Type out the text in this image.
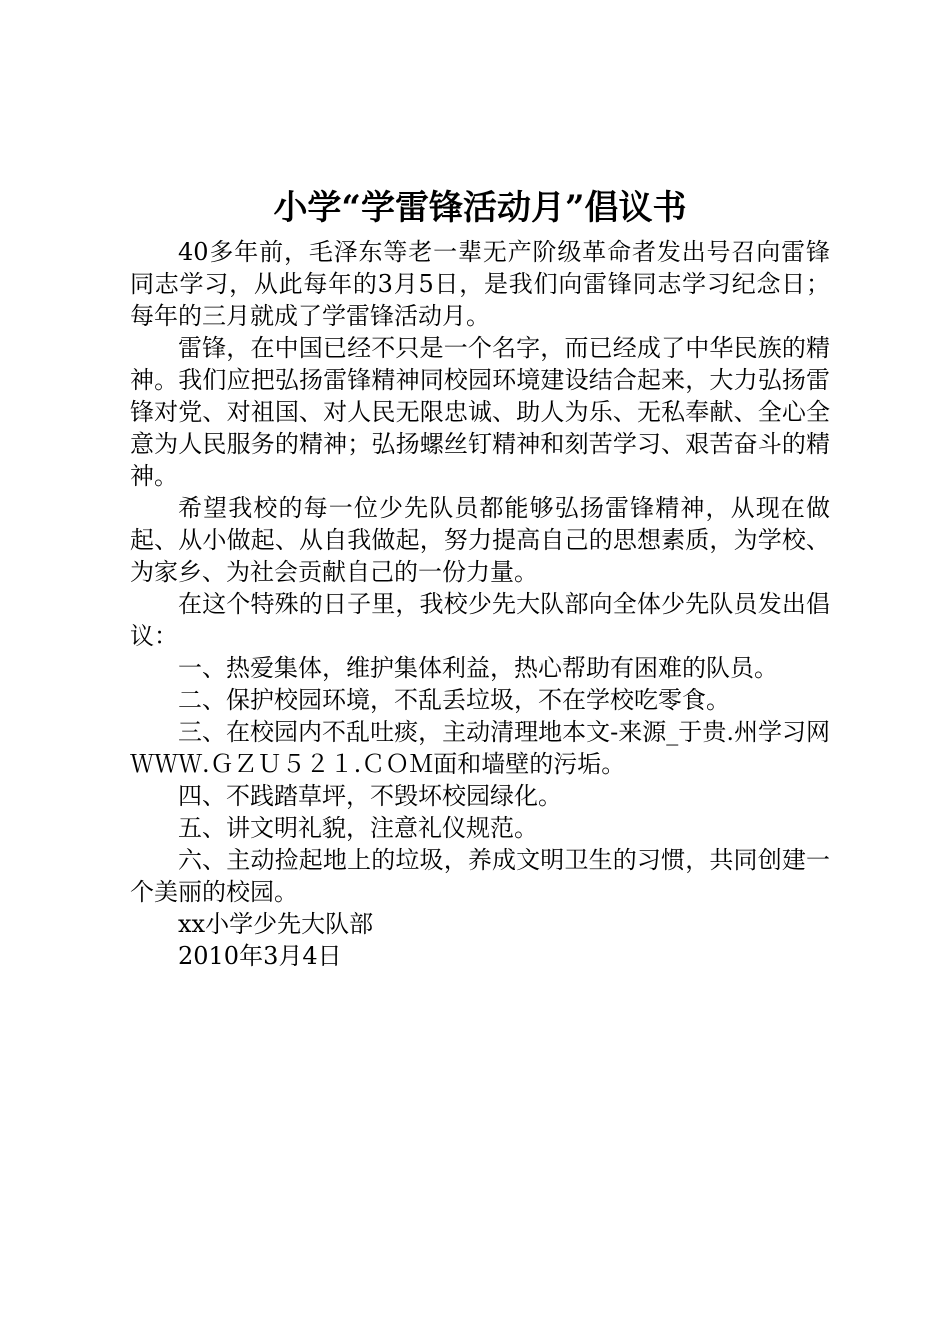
小学“学雷锋活动月”倡议书

40多年前，毛泽东等老一辈无产阶级革命者发出号召向雷锋同志学习，从此每年的3月5日，是我们向雷锋同志学习纪念日；每年的三月就成了学雷锋活动月。

雷锋，在中国已经不只是一个名字，而已经成了中华民族的精神。我们应把弘扬雷锋精神同校园环境建设结合起来，大力弘扬雷锋对党、对祖国、对人民无限忠诚、助人为乐、无私奉献、全心全意为人民服务的精神；弘扬螺丝钉精神和刻苦学习、艰苦奋斗的精神。

希望我校的每一位少先队员都能够弘扬雷锋精神，从现在做起、从小做起、从自我做起，努力提高自己的思想素质，为学校、为家乡、为社会贡献自己的一份力量。

在这个特殊的日子里，我校少先大队部向全体少先队员发出倡议：

一、热爱集体，维护集体利益，热心帮助有困难的队员。

二、保护校园环境，不乱丢垃圾，不在学校吃零食。

三、在校园内不乱吐痰，主动清理地本文-来源_于贵.州学习网ＷＷＷ.ＧＺＵ５２１.ＣＯＭ面和墙壁的污垢。

四、不践踏草坪，不毁坏校园绿化。

五、讲文明礼貌，注意礼仪规范。

六、主动捡起地上的垃圾，养成文明卫生的习惯，共同创建一个美丽的校园。

xx小学少先大队部

2010年3月4日
